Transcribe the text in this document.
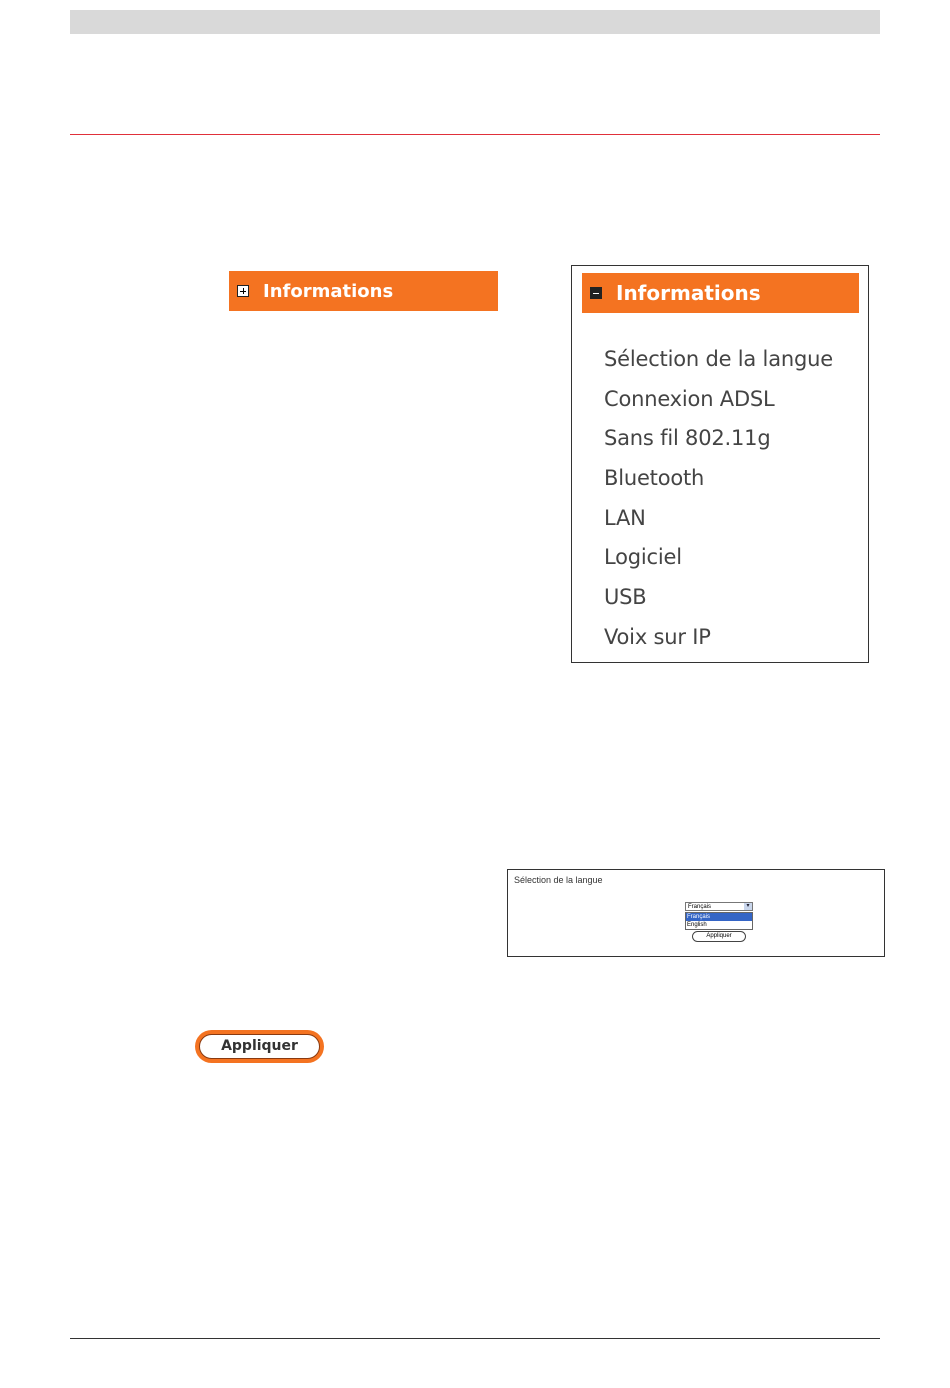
Informations	Informations
Sélection de la langue
Connexion ADSL
Sans fil 802.11g
Bluetooth
LAN
Logiciel
USB
Voix sur IP
Sélection de la langue
Français	▾
Français
English
Appliquer
Appliquer
